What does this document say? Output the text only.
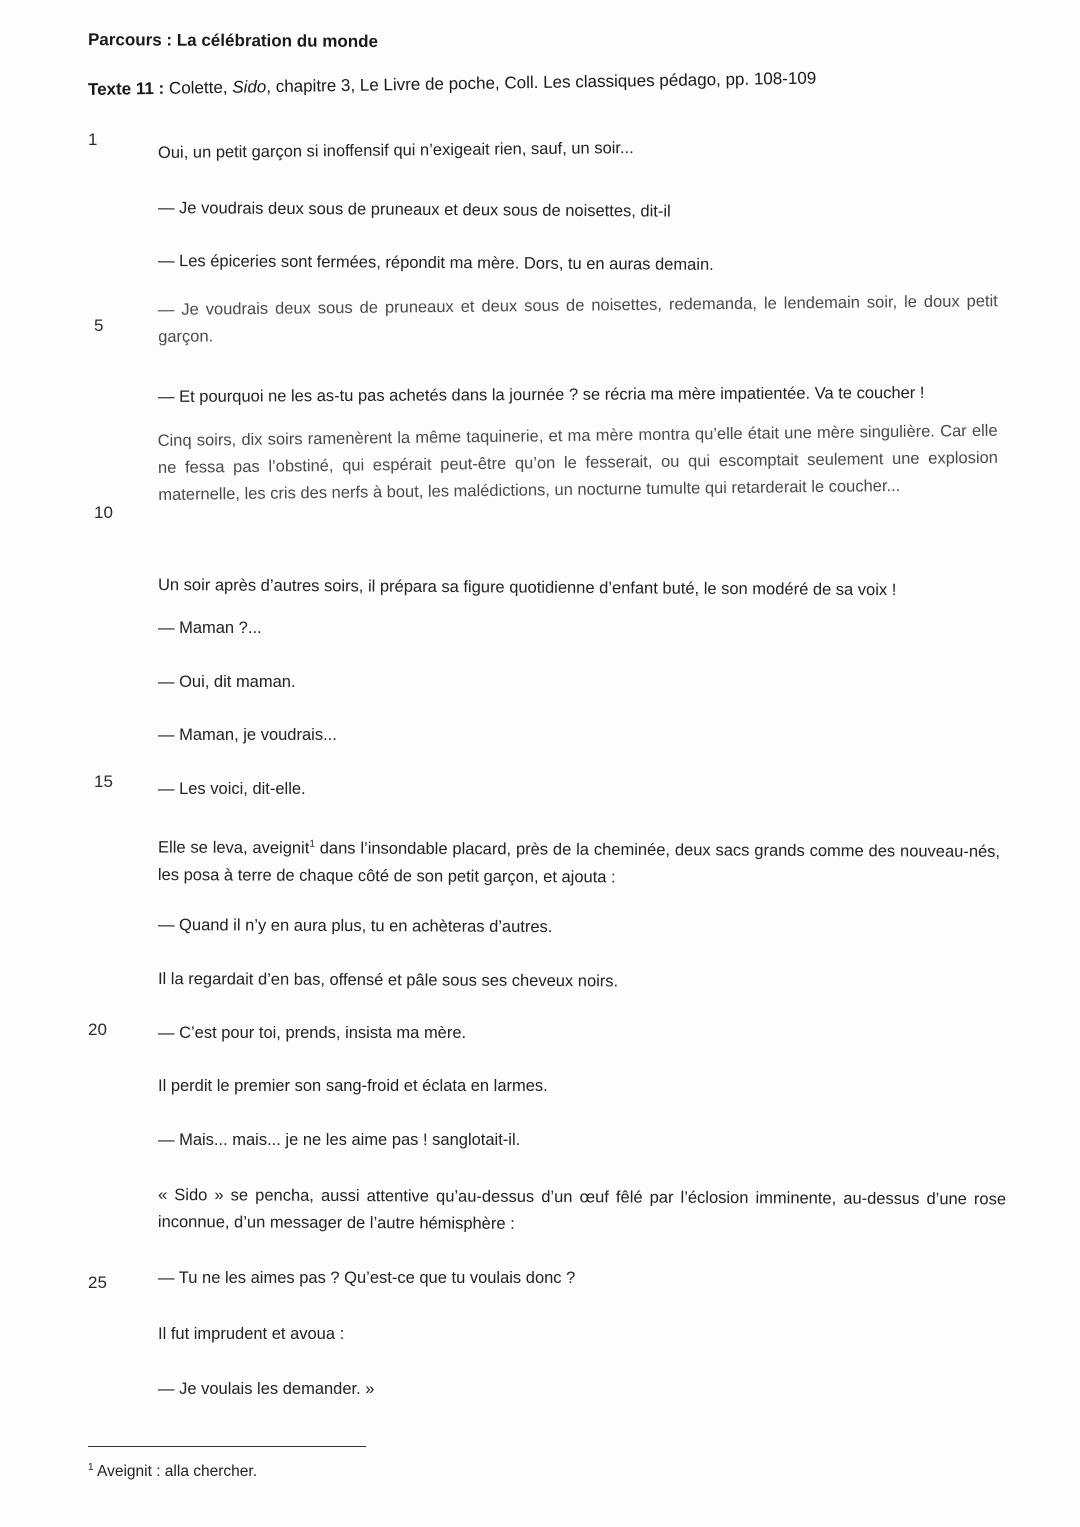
Parcours : La célébration du monde
Texte 11 : Colette, Sido, chapitre 3, Le Livre de poche, Coll. Les classiques pédago, pp. 108-109
1
5
10
15
20
25
Oui, un petit garçon si inoffensif qui n’exigeait rien, sauf, un soir...
— Je voudrais deux sous de pruneaux et deux sous de noisettes, dit-il
— Les épiceries sont fermées, répondit ma mère. Dors, tu en auras demain.
— Je voudrais deux sous de pruneaux et deux sous de noisettes, redemanda, le lendemain soir, le doux petit garçon.
— Et pourquoi ne les as-tu pas achetés dans la journée ? se récria ma mère impatientée. Va te coucher !
Cinq soirs, dix soirs ramenèrent la même taquinerie, et ma mère montra qu’elle était une mère singulière. Car elle ne fessa pas l’obstiné, qui espérait peut-être qu’on le fesserait, ou qui escomptait seulement une explosion maternelle, les cris des nerfs à bout, les malédictions, un nocturne tumulte qui retarderait le coucher...
Un soir après d’autres soirs, il prépara sa figure quotidienne d’enfant buté, le son modéré de sa voix !
— Maman ?...
— Oui, dit maman.
— Maman, je voudrais...
— Les voici, dit-elle.
Elle se leva, aveignit$^1$ dans l’insondable placard, près de la cheminée, deux sacs grands comme des nouveau-nés, les posa à terre de chaque côté de son petit garçon, et ajouta :
— Quand il n’y en aura plus, tu en achèteras d’autres.
Il la regardait d’en bas, offensé et pâle sous ses cheveux noirs.
— C’est pour toi, prends, insista ma mère.
Il perdit le premier son sang-froid et éclata en larmes.
— Mais... mais... je ne les aime pas ! sanglotait-il.
« Sido » se pencha, aussi attentive qu’au-dessus d’un œuf fêlé par l’éclosion imminente, au-dessus d’une rose inconnue, d’un messager de l’autre hémisphère :
— Tu ne les aimes pas ? Qu’est-ce que tu voulais donc ?
Il fut imprudent et avoua :
— Je voulais les demander. »
$^1$ Aveignit : alla chercher.
